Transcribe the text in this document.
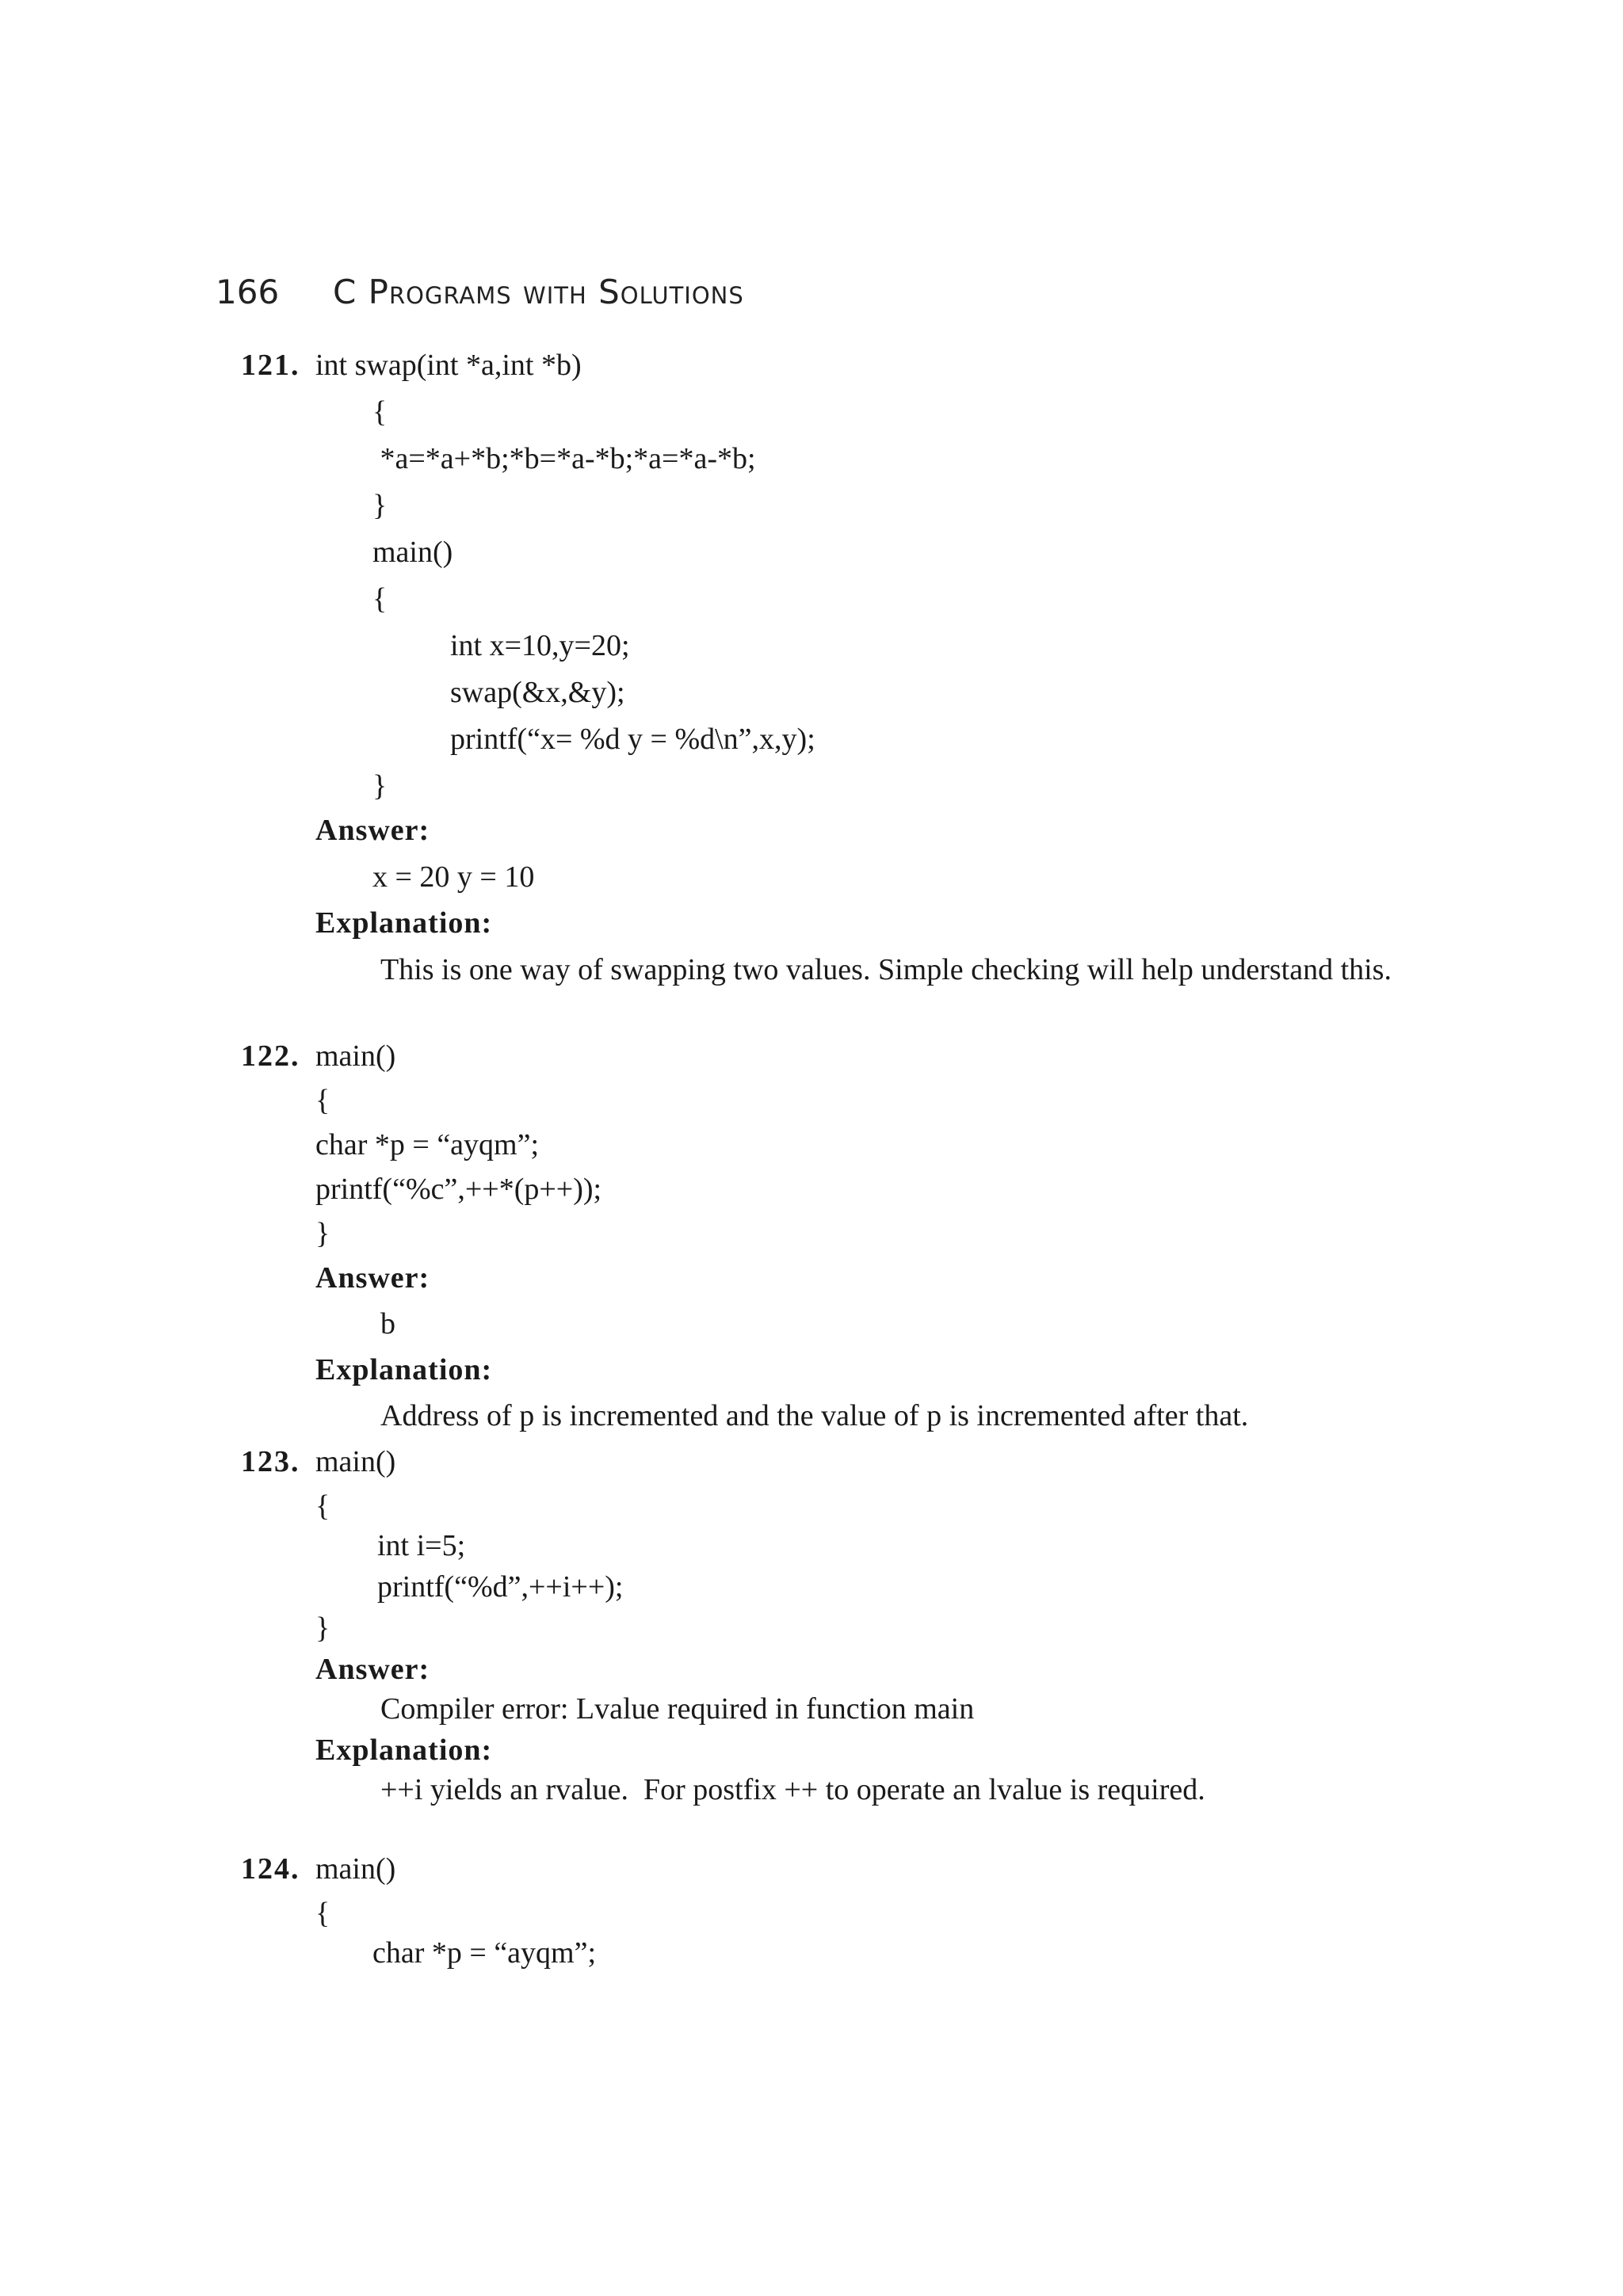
166 C Programs with Solutions
121. int swap(int *a,int *b)
{
*a=*a+*b;*b=*a-*b;*a=*a-*b;
}
main()
{
int x=10,y=20;
swap(&x,&y);
printf(“x= %d y = %d\n”,x,y);
}
Answer:
x = 20 y = 10
Explanation:
This is one way of swapping two values. Simple checking will help understand this.
122. main()
{
char *p = “ayqm”;
printf(“%c”,++*(p++));
}
Answer:
b
Explanation:
Address of p is incremented and the value of p is incremented after that.
123. main()
{
int i=5;
printf(“%d”,++i++);
}
Answer:
Compiler error: Lvalue required in function main
Explanation:
++i yields an rvalue.  For postfix ++ to operate an lvalue is required.
124. main()
{
char *p = “ayqm”;
